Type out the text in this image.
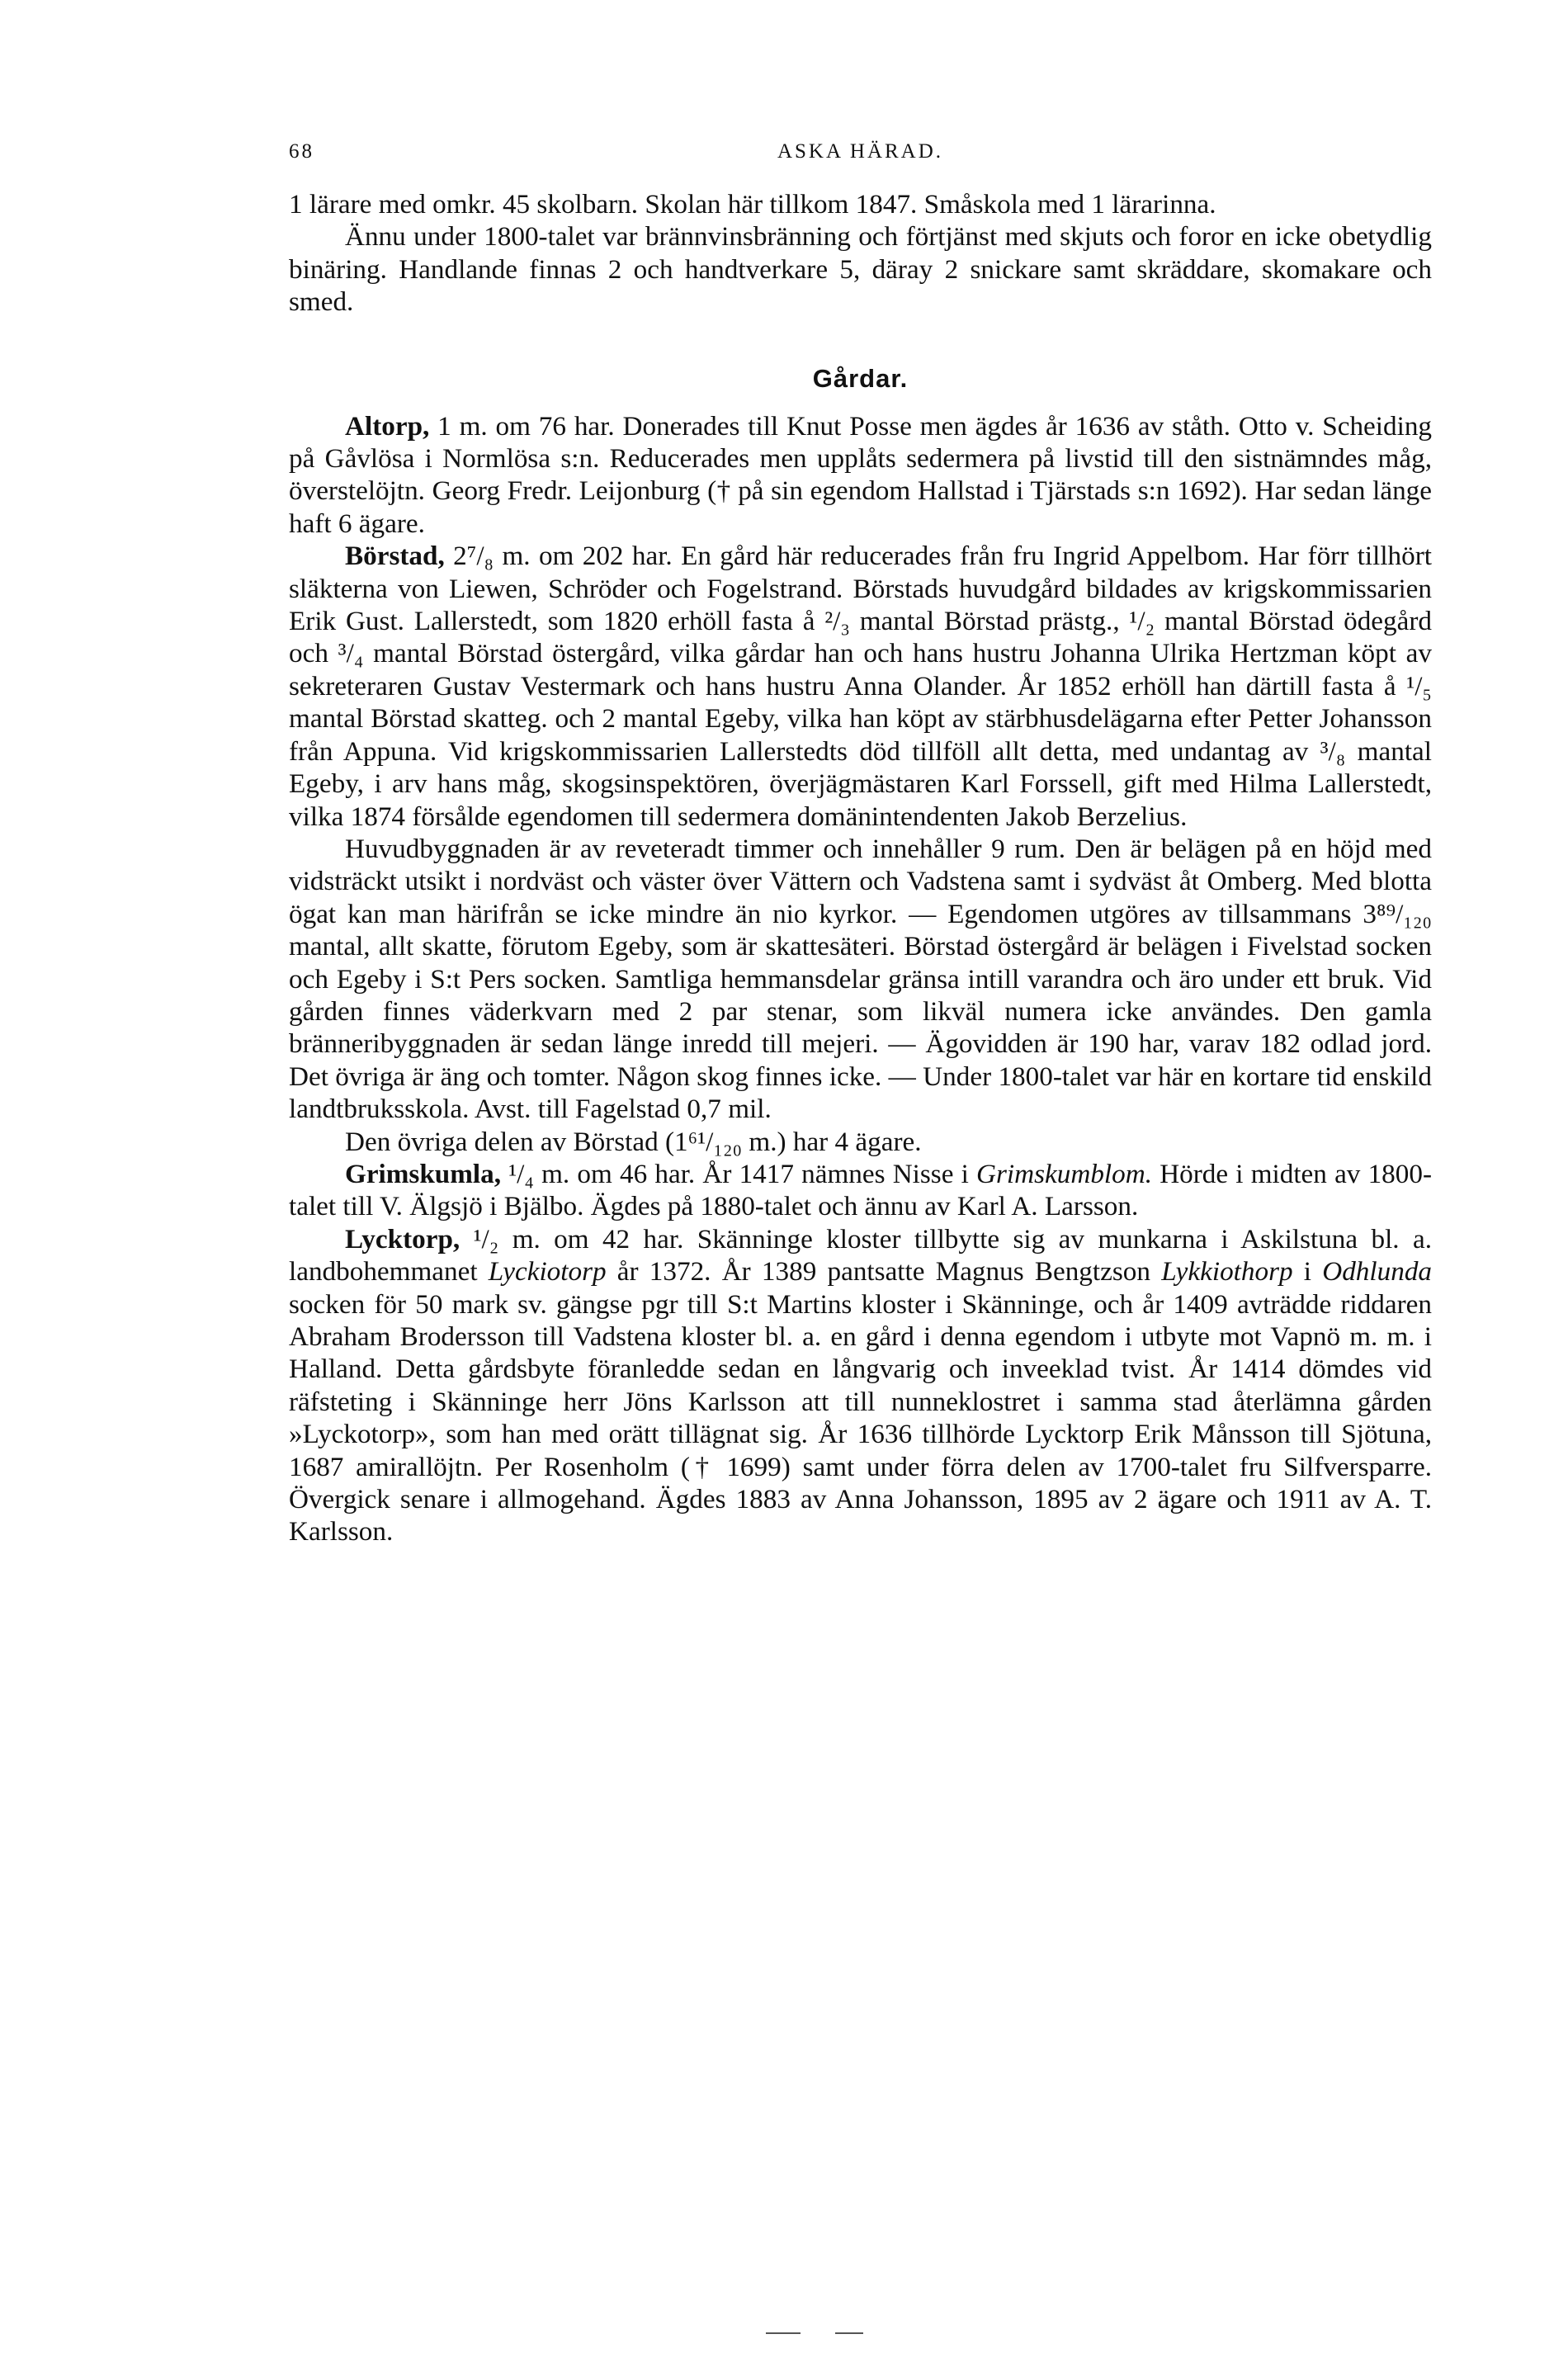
68	ASKA HÄRAD.

1 lärare med omkr. 45 skolbarn. Skolan här tillkom 1847. Småskola med 1 lärarinna.

Ännu under 1800-talet var brännvinsbränning och förtjänst med skjuts och foror en icke obetydlig binäring. Handlande finnas 2 och handtverkare 5, däray 2 snickare samt skräddare, skomakare och smed.

Gårdar.

Altorp, 1 m. om 76 har. Donerades till Knut Posse men ägdes år 1636 av ståth. Otto v. Scheiding på Gåvlösa i Normlösa s:n. Reducerades men upplåts sedermera på livstid till den sistnämndes måg, överstelöjtn. Georg Fredr. Leijonburg († på sin egendom Hallstad i Tjärstads s:n 1692). Har sedan länge haft 6 ägare.

Börstad, 2⁷/₈ m. om 202 har. En gård här reducerades från fru Ingrid Appelbom. Har förr tillhört släkterna von Liewen, Schröder och Fogelstrand. Börstads huvudgård bildades av krigskommissarien Erik Gust. Lallerstedt, som 1820 erhöll fasta å ²/₃ mantal Börstad prästg., ¹/₂ mantal Börstad ödegård och ³/₄ mantal Börstad östergård, vilka gårdar han och hans hustru Johanna Ulrika Hertzman köpt av sekreteraren Gustav Vestermark och hans hustru Anna Olander. År 1852 erhöll han därtill fasta å ¹/₅ mantal Börstad skatteg. och 2 mantal Egeby, vilka han köpt av stärbhusdelägarna efter Petter Johansson från Appuna. Vid krigskommissarien Lallerstedts död tillföll allt detta, med undantag av ³/₈ mantal Egeby, i arv hans måg, skogsinspektören, överjägmästaren Karl Forssell, gift med Hilma Lallerstedt, vilka 1874 försålde egendomen till sedermera domänintendenten Jakob Berzelius.

Huvudbyggnaden är av reveteradt timmer och innehåller 9 rum. Den är belägen på en höjd med vidsträckt utsikt i nordväst och väster över Vättern och Vadstena samt i sydväst åt Omberg. Med blotta ögat kan man härifrån se icke mindre än nio kyrkor. — Egendomen utgöres av tillsammans 3⁸⁹/₁₂₀ mantal, allt skatte, förutom Egeby, som är skattesäteri. Börstad östergård är belägen i Fivelstad socken och Egeby i S:t Pers socken. Samtliga hemmansdelar gränsa intill varandra och äro under ett bruk. Vid gården finnes väderkvarn med 2 par stenar, som likväl numera icke användes. Den gamla bränneribyggnaden är sedan länge inredd till mejeri. — Ägovidden är 190 har, varav 182 odlad jord. Det övriga är äng och tomter. Någon skog finnes icke. — Under 1800-talet var här en kortare tid enskild landtbruksskola. Avst. till Fagelstad 0,7 mil.

Den övriga delen av Börstad (1⁶¹/₁₂₀ m.) har 4 ägare.

Grimskumla, ¹/₄ m. om 46 har. År 1417 nämnes Nisse i Grimskumblom. Hörde i midten av 1800-talet till V. Älgsjö i Bjälbo. Ägdes på 1880-talet och ännu av Karl A. Larsson.

Lycktorp, ¹/₂ m. om 42 har. Skänninge kloster tillbytte sig av munkarna i Askilstuna bl. a. landbohemmanet Lyckiotorp år 1372. År 1389 pantsatte Magnus Bengtzson Lykkiothorp i Odhlunda socken för 50 mark sv. gängse pgr till S:t Martins kloster i Skänninge, och år 1409 avträdde riddaren Abraham Brodersson till Vadstena kloster bl. a. en gård i denna egendom i utbyte mot Vapnö m. m. i Halland. Detta gårdsbyte föranledde sedan en långvarig och inveeklad tvist. År 1414 dömdes vid räfsteting i Skänninge herr Jöns Karlsson att till nunneklostret i samma stad återlämna gården »Lyckotorp», som han med orätt tillägnat sig. År 1636 tillhörde Lycktorp Erik Månsson till Sjötuna, 1687 amirallöjtn. Per Rosenholm († 1699) samt under förra delen av 1700-talet fru Silfversparre. Övergick senare i allmogehand. Ägdes 1883 av Anna Johansson, 1895 av 2 ägare och 1911 av A. T. Karlsson.
